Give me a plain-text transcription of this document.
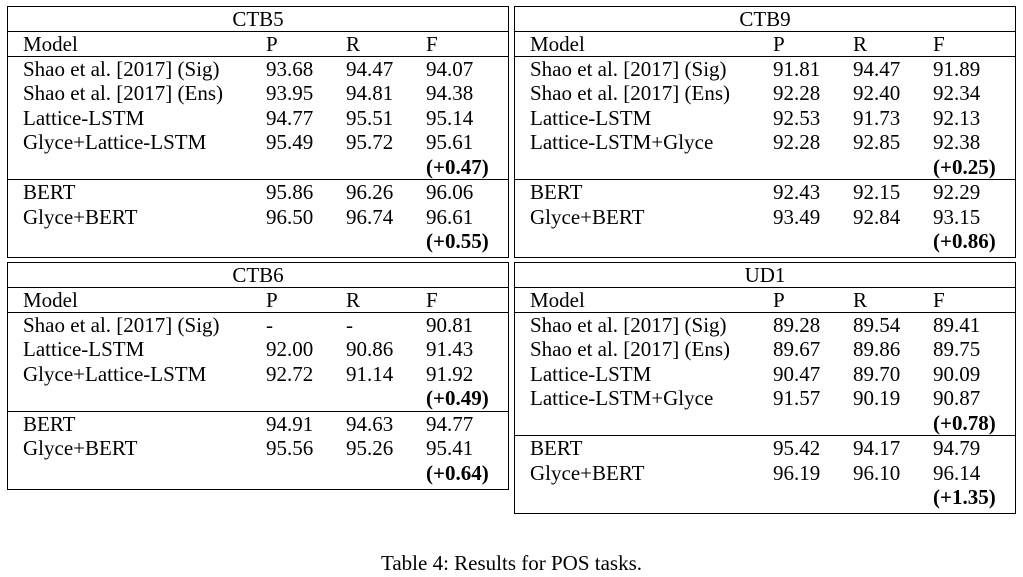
CTB5
Model	P	R	F
Shao et al. [2017] (Sig) 93.68 94.47 94.07
Shao et al. [2017] (Ens) 93.95 94.81 94.38
Lattice-LSTM	94.77 95.51 95.14
Glyce+Lattice-LSTM	95.49 95.72 95.61
(+0.47)
BERT	95.86 96.26 96.06
Glyce+BERT	96.50 96.74 96.61
(+0.55)
CTB9
Model	P	R	F
Shao et al. [2017] (Sig) 91.81 94.47 91.89
Shao et al. [2017] (Ens) 92.28 92.40 92.34
Lattice-LSTM	92.53 91.73 92.13
Lattice-LSTM+Glyce	92.28 92.85 92.38
(+0.25)
BERT	92.43 92.15 92.29
Glyce+BERT	93.49 92.84 93.15
(+0.86)
CTB6
Model	P	R	F
Shao et al. [2017] (Sig) -	-	90.81
Lattice-LSTM	92.00 90.86 91.43
Glyce+Lattice-LSTM	92.72 91.14 91.92
(+0.49)
BERT	94.91 94.63 94.77
Glyce+BERT	95.56 95.26 95.41
(+0.64)
UD1
Model	P	R	F
Shao et al. [2017] (Sig) 89.28 89.54 89.41
Shao et al. [2017] (Ens) 89.67 89.86 89.75
Lattice-LSTM	90.47 89.70 90.09
Lattice-LSTM+Glyce	91.57 90.19 90.87
(+0.78)
BERT	95.42 94.17 94.79
Glyce+BERT	96.19 96.10 96.14
(+1.35)
Table 4: Results for POS tasks.
